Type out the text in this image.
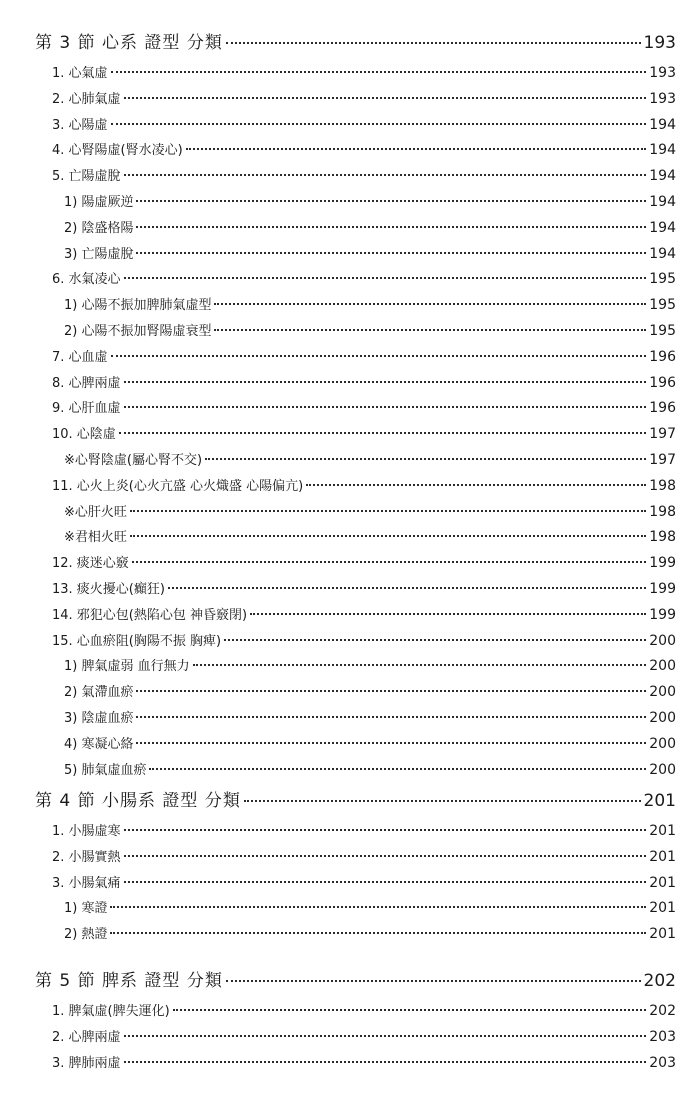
第 3 節 心系 證型 分類	193
1. 心氣虛	193
2. 心肺氣虛	193
3. 心陽虛	194
4. 心腎陽虛(腎水凌心)	194
5. 亡陽虛脫	194
1) 陽虛厥逆	194
2) 陰盛格陽	194
3) 亡陽虛脫	194
6. 水氣凌心	195
1) 心陽不振加脾肺氣虛型	195
2) 心陽不振加腎陽虛衰型	195
7. 心血虛	196
8. 心脾兩虛	196
9. 心肝血虛	196
10. 心陰虛	197
※心腎陰虛(屬心腎不交)	197
11. 心火上炎(心火亢盛 心火熾盛 心陽偏亢)	198
※心肝火旺	198
※君相火旺	198
12. 痰迷心竅	199
13. 痰火擾心(癲狂)	199
14. 邪犯心包(熱陷心包 神昏竅閉)	199
15. 心血瘀阻(胸陽不振 胸痺)	200
1) 脾氣虛弱 血行無力	200
2) 氣滯血瘀	200
3) 陰虛血瘀	200
4) 寒凝心絡	200
5) 肺氣虛血瘀	200
第 4 節 小腸系 證型 分類	201
1. 小腸虛寒	201
2. 小腸實熱	201
3. 小腸氣痛	201
1) 寒證	201
2) 熱證	201
第 5 節 脾系 證型 分類	202
1. 脾氣虛(脾失運化)	202
2. 心脾兩虛	203
3. 脾肺兩虛	203
